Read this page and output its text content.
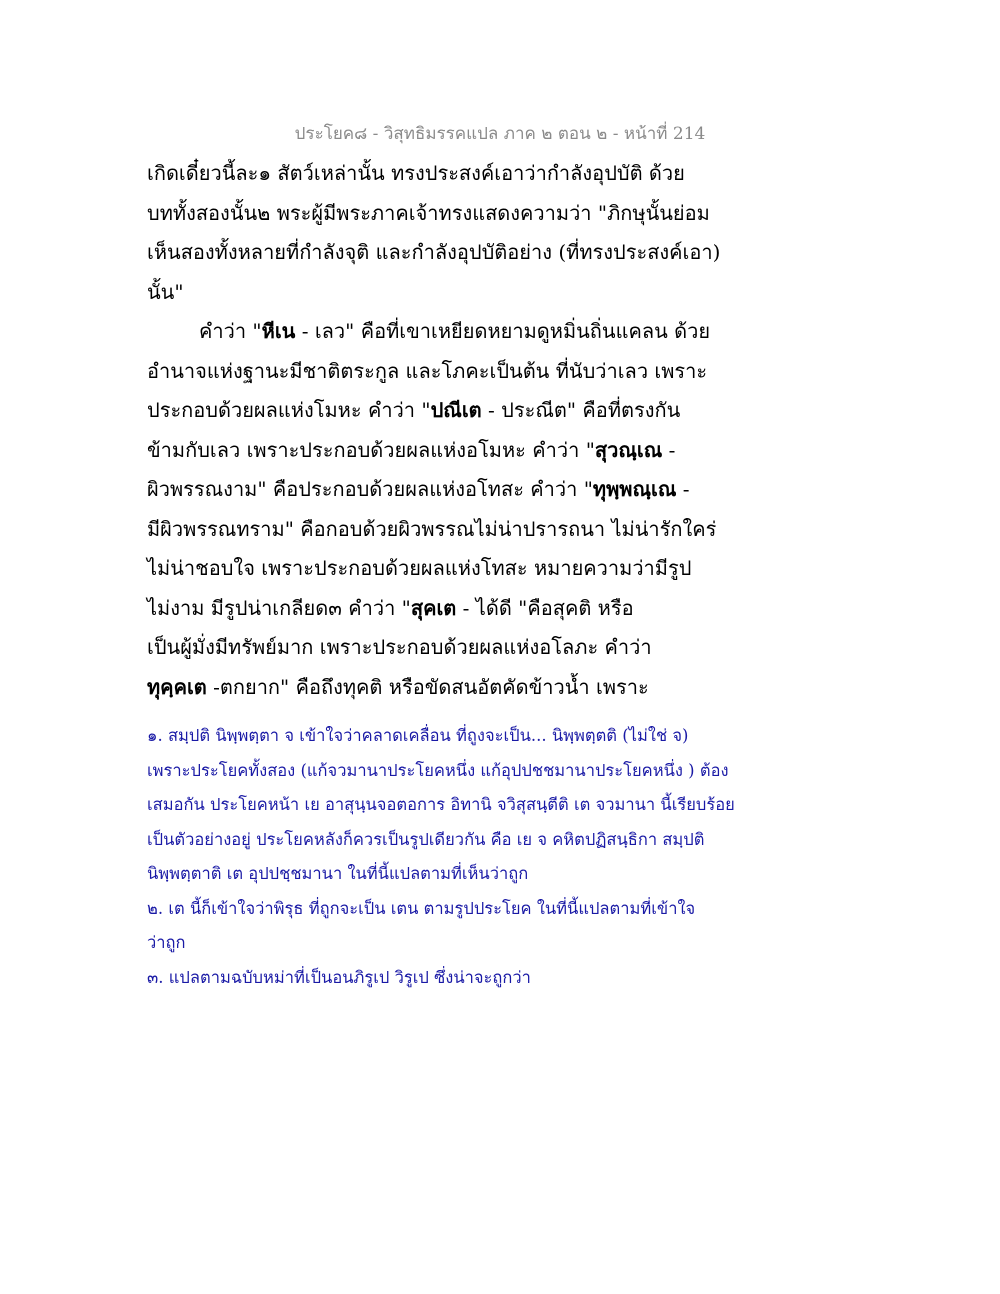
ประโยค๘ - วิสุทธิมรรคแปล ภาค ๒ ตอน ๒ - หน้าที่ 214
เกิดเดี๋ยวนี้ละ๑ สัตว์เหล่านั้น ทรงประสงค์เอาว่ากำลังอุปบัติ ด้วย
บททั้งสองนั้น๒ พระผู้มีพระภาคเจ้าทรงแสดงความว่า "ภิกษุนั้นย่อม
เห็นสองทั้งหลายที่กำลังจุติ และกำลังอุปบัติอย่าง (ที่ทรงประสงค์เอา)
นั้น"
คำว่า "หีเน - เลว" คือที่เขาเหยียดหยามดูหมิ่นถิ่นแคลน ด้วย
อำนาจแห่งฐานะมีชาติตระกูล และโภคะเป็นต้น ที่นับว่าเลว เพราะ
ประกอบด้วยผลแห่งโมหะ คำว่า "ปณีเต - ประณีต" คือที่ตรงกัน
ข้ามกับเลว เพราะประกอบด้วยผลแห่งอโมหะ คำว่า "สุวณฺเณ -
ผิวพรรณงาม" คือประกอบด้วยผลแห่งอโทสะ คำว่า "ทุพฺพณฺเณ -
มีผิวพรรณทราม" คือกอบด้วยผิวพรรณไม่น่าปรารถนา ไม่น่ารักใคร่
ไม่น่าชอบใจ เพราะประกอบด้วยผลแห่งโทสะ หมายความว่ามีรูป
ไม่งาม มีรูปน่าเกลียด๓ คำว่า "สุคเต - ได้ดี "คือสุคติ หรือ
เป็นผู้มั่งมีทรัพย์มาก เพราะประกอบด้วยผลแห่งอโลภะ คำว่า
ทุคฺคเต -ตกยาก" คือถึงทุคติ หรือขัดสนอัตคัดข้าวน้ำ เพราะ
๑. สมฺปติ นิพฺพตฺตา จ เข้าใจว่าคลาดเคลื่อน ที่ถูงจะเป็น... นิพฺพตฺตติ (ไม่ใช่ จ)
เพราะประโยคทั้งสอง (แก้จวมานาประโยคหนึ่ง แก้อุปปชชมานาประโยคหนึ่ง ) ต้อง
เสมอกัน ประโยคหน้า เย อาสุนฺนจอตอการ อิทานิ จวิสุสนฺตีติ เต จวมานา นี้เรียบร้อย
เป็นตัวอย่างอยู่ ประโยคหลังก็ควรเป็นรูปเดียวกัน คือ เย จ คหิตปฏิสนฺธิกา สมฺปติ
นิพฺพตฺตาติ เต อุปปชฺชมานา ในที่นี้แปลตามที่เห็นว่าถูก
๒. เต นี้ก็เข้าใจว่าพิรุธ ที่ถูกจะเป็น เตน ตามรูปประโยค ในที่นี้แปลตามที่เข้าใจ
ว่าถูก
๓. แปลตามฉบับหม่าที่เป็นอนภิรูเป วิรูเป ซึ่งน่าจะถูกว่า
